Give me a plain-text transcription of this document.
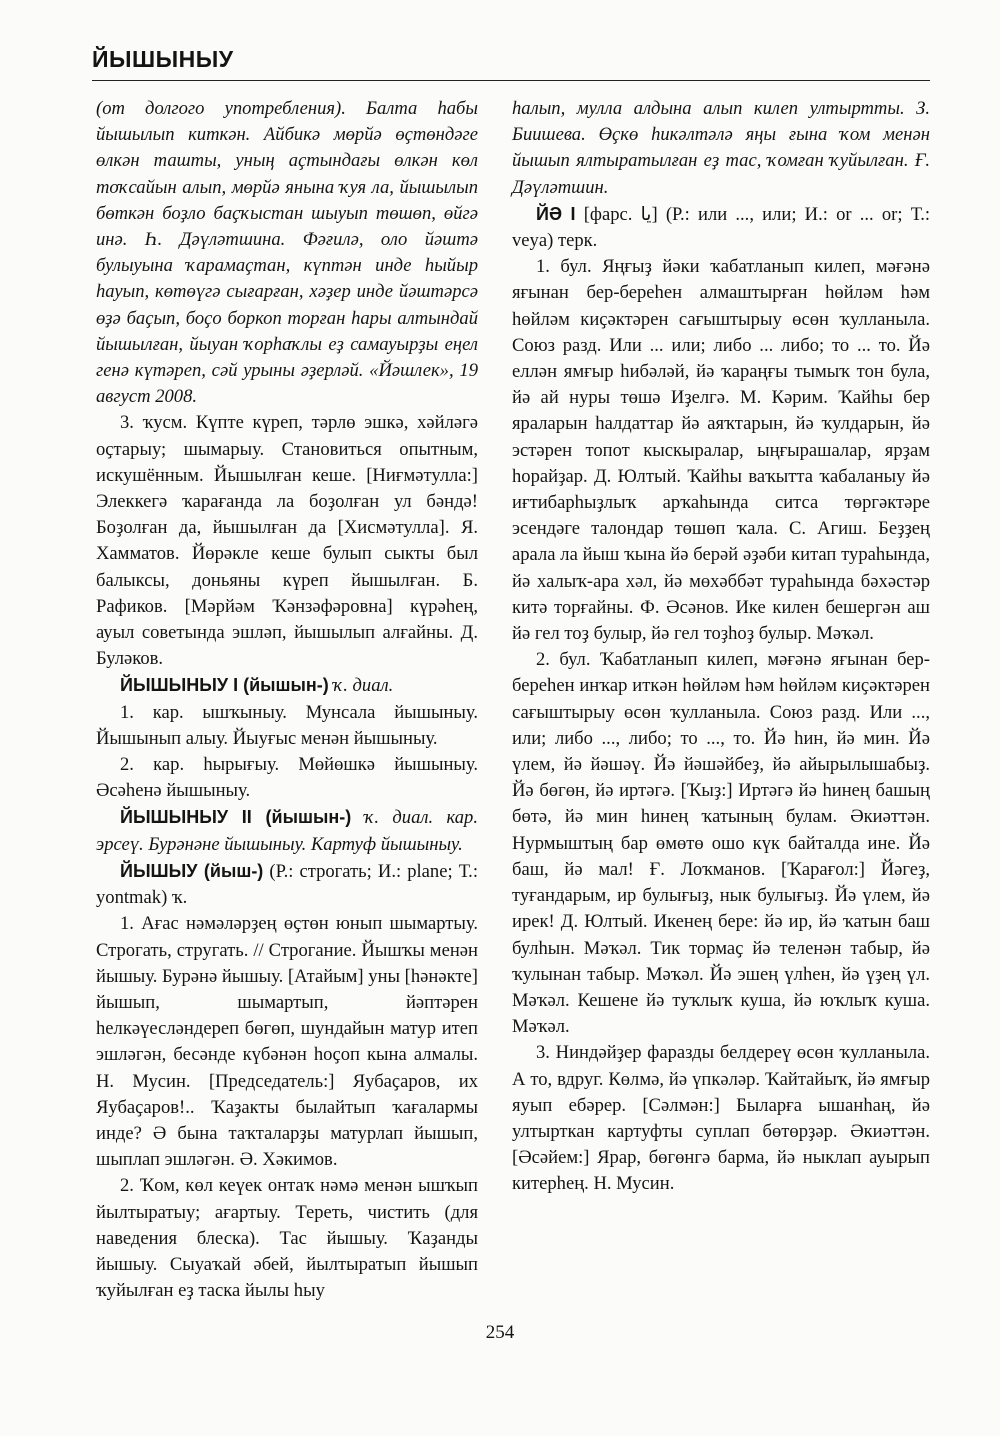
ЙЫШЫНЫУ

(от долгого употребления). Балта һабы йышылып киткән. Айбикә мөрйә өҫтөндәге өлкән ташты, уның аҫтындағы өлкән көл тоҡсайын алып, мөрйә янына ҡуя ла, йышылып бөткән боҙло баҫҡыстан шыуып төшөп, өйгә инә. Һ. Дәүләтшина. Фәғилә, оло йәштә булыуына ҡарамаҫтан, күптән инде һыйыр һауып, көтөүгә сығарған, хәҙер инде йәштәрсә өҙә баҫып, боҫо боркоп торған һары алтындай йышылған, йыуан ҡорһаҡлы еҙ самауырҙы еңел генә күтәреп, сәй урыны әҙерләй. «Йәшлек», 19 август 2008.

3. ҡусм. Күпте күреп, тәрлө эшкә, хәйләгә оҫтарыу; шымарыу. Становиться опытным, искушённым. Йышылған кеше. [Ниғмәтулла:] Элеккегә ҡарағанда ла боҙолған ул бәндә! Боҙолған да, йышылған да [Хисмәтулла]. Я. Хамматов. Йөрәкле кеше булып сыкты был балыксы, доньяны күреп йышылған. Б. Рафиков. [Мәрйәм Ҡәнзәфәровна] күрәһең, ауыл советында эшләп, йышылып алғайны. Д. Буләков.

ЙЫШЫНЫУ I (йышын-) ҡ. диал.

1. кар. ышҡыныу. Мунсала йышыныу. Йышынып алыу. Йыуғыс менән йышыныу.

2. кар. һырығыу. Мөйөшкә йышыныу. Әсәһенә йышыныу.

ЙЫШЫНЫУ II (йышын-) ҡ. диал. кар. эрсеү. Бурәнәне йышыныу. Картуф йышыныу.

ЙЫШЫУ (йыш-) (Р.: строгать; И.: plane; Т.: yontmak) ҡ.

1. Ағас нәмәләрҙең өҫтөн юнып шымартыу. Строгать, стругать. // Строгание. Йышҡы менән йышыу. Бурәнә йышыу. [Атайым] уны [һәнәкте] йышып, шымартып, йәптәрен һелкәүесләндереп бөгөп, шундайын матур итеп эшләгән, бесәнде күбәнән һоҫоп кына алмалы. Н. Мусин. [Председатель:] Яубаҫаров, их Яубаҫаров!.. Ҡаҙакты былайтып ҡағалармы инде? Ә бына таҡталарҙы матурлап йышып, шыплап эшләгән. Ә. Хәкимов.

2. Ҡом, көл кеүек онтаҡ нәмә менән ышҡып йылтыратыу; ағартыу. Тереть, чистить (для наведения блеска). Тас йышыу. Ҡаҙанды йышыу. Сыуаҡай әбей, йылтыратып йышып ҡуйылған еҙ таска йылы һыу

һалып, мулла алдына алып килеп ултыртты. З. Биишева. Өҫкө һикәлтәлә яңы ғына ҡом менән йышып ялтыратылған еҙ тас, ҡомған ҡуйылған. Ғ. Дәүләтшин.

ЙӘ I [фарс. یا] (Р.: или ..., или; И.: or ... or; Т.: veya) терк.

1. бул. Яңғыҙ йәки ҡабатланып килеп, мәғәнә яғынан бер-береһен алмаштырған һөйләм һәм һөйләм киҫәктәрен сағыштырыу өсөн ҡулланыла. Союз разд. Или ... или; либо ... либо; то ... то. Йә еллән ямғыр һибәләй, йә ҡараңғы тымыҡ тон була, йә ай нуры төшә Иҙелгә. М. Кәрим. Ҡайһы бер яраларын һалдаттар йә аяҡтарын, йә ҡулдарын, йә эстәрен топот кыскыралар, ыңғырашалар, ярҙам һорайҙар. Д. Юлтый. Ҡайһы ваҡытта ҡабаланыу йә иғтибарһыҙлыҡ арҡаһында ситса төргәктәре эсендәге талондар төшөп ҡала. С. Агиш. Беҙҙең арала ла йыш ҡына йә берәй әҙәби китап тураһында, йә халыҡ-ара хәл, йә мөхәббәт тураһында бәхәстәр китә торғайны. Ф. Әсәнов. Ике килен бешергән аш йә гел тоҙ булыр, йә гел тоҙһоҙ булыр. Мәҡәл.

2. бул. Ҡабатланып килеп, мәғәнә яғынан бер-береһен инҡар иткән һөйләм һәм һөйләм киҫәктәрен сағыштырыу өсөн ҡулланыла. Союз разд. Или ..., или; либо ..., либо; то ..., то. Йә һин, йә мин. Йә үлем, йә йәшәү. Йә йәшәйбеҙ, йә айырылышабыҙ. Йә бөгөн, йә иртәгә. [Ҡыҙ:] Иртәгә йә һинең башың бөтә, йә мин һинең ҡатының булам. Әкиәттән. Нурмыштың бар өмөтө ошо күк байталда ине. Йә баш, йә мал! Ғ. Лоҡманов. [Ҡарағол:] Йәгеҙ, туғандарым, ир булығыҙ, нык булығыҙ. Йә үлем, йә ирек! Д. Юлтый. Икенең бере: йә ир, йә ҡатын баш булһын. Мәҡәл. Тик тормаҫ йә теленән табыр, йә ҡулынан табыр. Мәҡәл. Йә эшең үлһен, йә үҙең үл. Мәҡәл. Кешене йә туҡлыҡ куша, йә юҡлыҡ куша. Мәҡәл.

3. Ниндәйҙер фаразды белдереү өсөн ҡулланыла. А то, вдруг. Көлмә, йә үпкәләр. Ҡайтайыҡ, йә ямғыр яуып ебәрер. [Сәлмән:] Быларға ышанһаң, йә ултырткан картуфты суплап бөтөрҙәр. Әкиәттән. [Әсәйем:] Ярар, бөгөнгә барма, йә ныклап ауырып китерһең. Н. Мусин.

254
